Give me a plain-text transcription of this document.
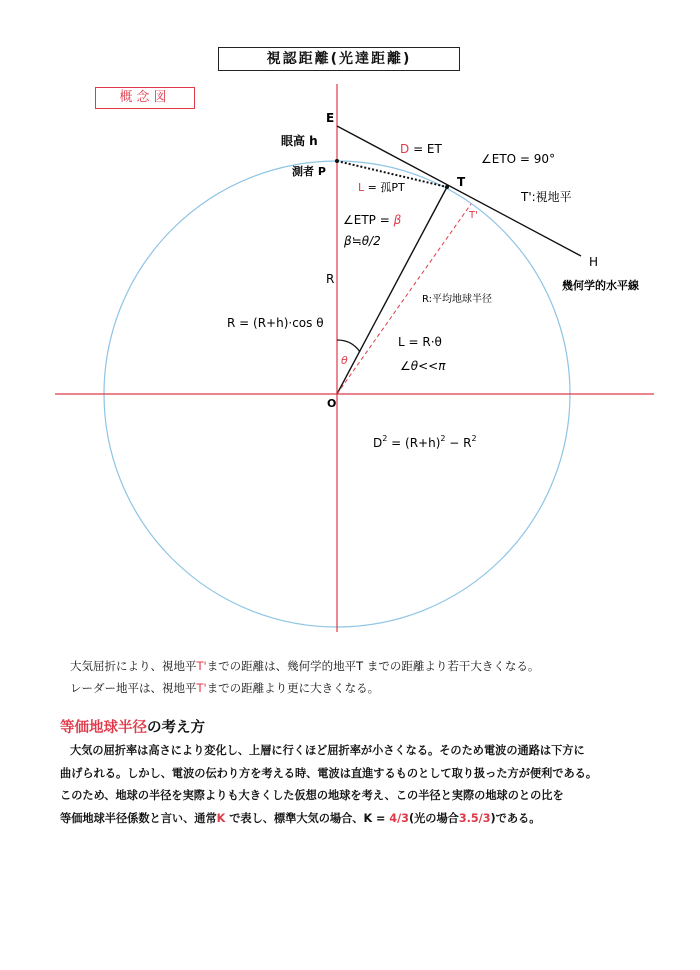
視認距離(光達距離)
概念図
E
眼高 h
測者 P
D = ET
∠ETO = 90°
T
L = 孤PT
T':視地平
T'
∠ETP = β
β≒θ/2
H
幾何学的水平線
R
R:平均地球半径
R = (R+h)·cos θ
L = R·θ
θ	∠θ<<π
O
$D^2 = (R+h)^2 - R^2$
大気屈折により、視地平T'までの距離は、幾何学的地平T までの距離より若干大きくなる。
レーダー地平は、視地平T'までの距離より更に大きくなる。
等価地球半径の考え方
大気の屈折率は高さにより変化し、上層に行くほど屈折率が小さくなる。そのため電波の通路は下方に
曲げられる。しかし、電波の伝わり方を考える時、電波は直進するものとして取り扱った方が便利である。
このため、地球の半径を実際よりも大きくした仮想の地球を考え、この半径と実際の地球のとの比を
等価地球半径係数と言い、通常K で表し、標準大気の場合、K = 4/3(光の場合3.5/3)である。
